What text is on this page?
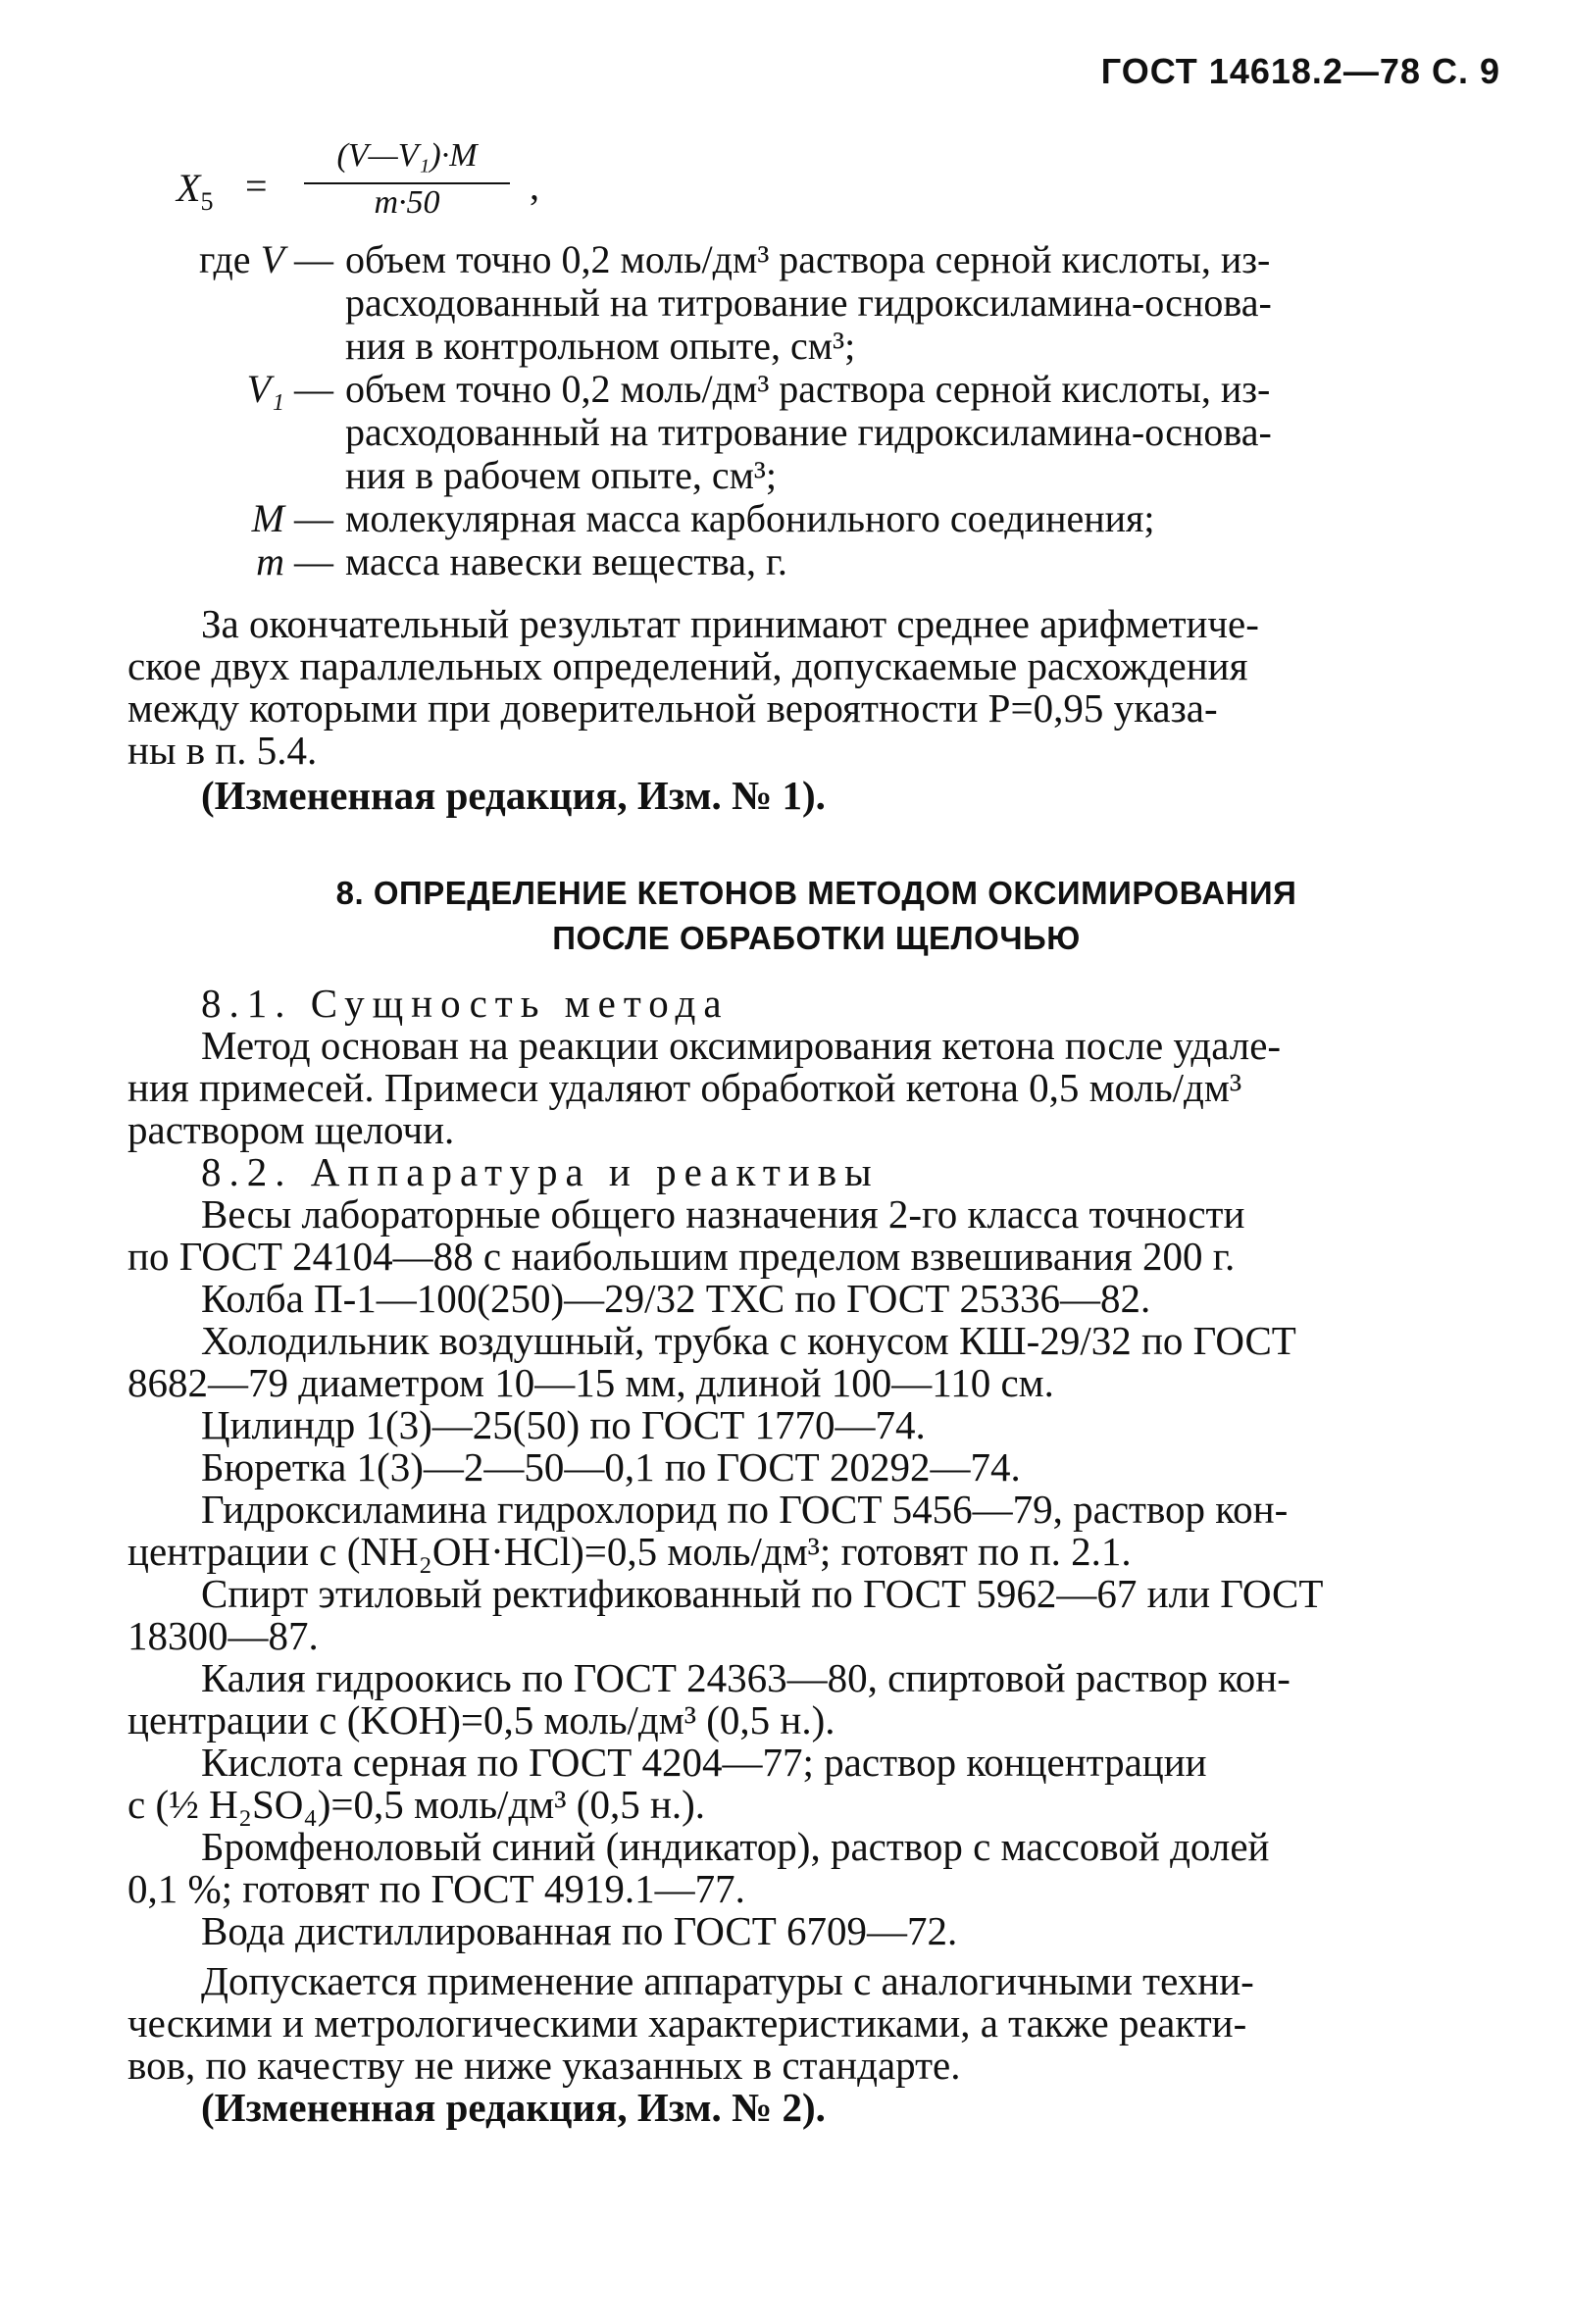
ГОСТ 14618.2—78 С. 9
$X_5$ =
(V—V₁)·M
m·50	,
где V — объем точно 0,2 моль/дм³ раствора серной кислоты, из-
расходованный на титрование гидроксиламина-основа-
ния в контрольном опыте, см³;
V₁ — объем точно 0,2 моль/дм³ раствора серной кислоты, из-
расходованный на титрование гидроксиламина-основа-
ния в рабочем опыте, см³;
M — молекулярная масса карбонильного соединения;
m — масса навески вещества, г.
За окончательный результат принимают среднее арифметиче-
ское двух параллельных определений, допускаемые расхождения
между которыми при доверительной вероятности P=0,95 указа-
ны в п. 5.4.
(Измененная редакция, Изм. № 1).
8. ОПРЕДЕЛЕНИЕ КЕТОНОВ МЕТОДОМ ОКСИМИРОВАНИЯ
ПОСЛЕ ОБРАБОТКИ ЩЕЛОЧЬЮ
8.1. Сущность метода
Метод основан на реакции оксимирования кетона после удале-
ния примесей. Примеси удаляют обработкой кетона 0,5 моль/дм³
раствором щелочи.
8.2. Аппаратура и реактивы
Весы лабораторные общего назначения 2-го класса точности
по ГОСТ 24104—88 с наибольшим пределом взвешивания 200 г.
Колба П-1—100(250)—29/32 ТХС по ГОСТ 25336—82.
Холодильник воздушный, трубка с конусом КШ-29/32 по ГОСТ
8682—79 диаметром 10—15 мм, длиной 100—110 см.
Цилиндр 1(3)—25(50) по ГОСТ 1770—74.
Бюретка 1(3)—2—50—0,1 по ГОСТ 20292—74.
Гидроксиламина гидрохлорид по ГОСТ 5456—79, раствор кон-
центрации c (NH₂OH·HCl)=0,5 моль/дм³; готовят по п. 2.1.
Спирт этиловый ректификованный по ГОСТ 5962—67 или ГОСТ
18300—87.
Калия гидроокись по ГОСТ 24363—80, спиртовой раствор кон-
центрации c (KOH)=0,5 моль/дм³ (0,5 н.).
Кислота серная по ГОСТ 4204—77; раствор концентрации
c (½ H₂SO₄)=0,5 моль/дм³ (0,5 н.).
Бромфеноловый синий (индикатор), раствор с массовой долей
0,1 %; готовят по ГОСТ 4919.1—77.
Вода дистиллированная по ГОСТ 6709—72.
Допускается применение аппаратуры с аналогичными техни-
ческими и метрологическими характеристиками, а также реакти-
вов, по качеству не ниже указанных в стандарте.
(Измененная редакция, Изм. № 2).
